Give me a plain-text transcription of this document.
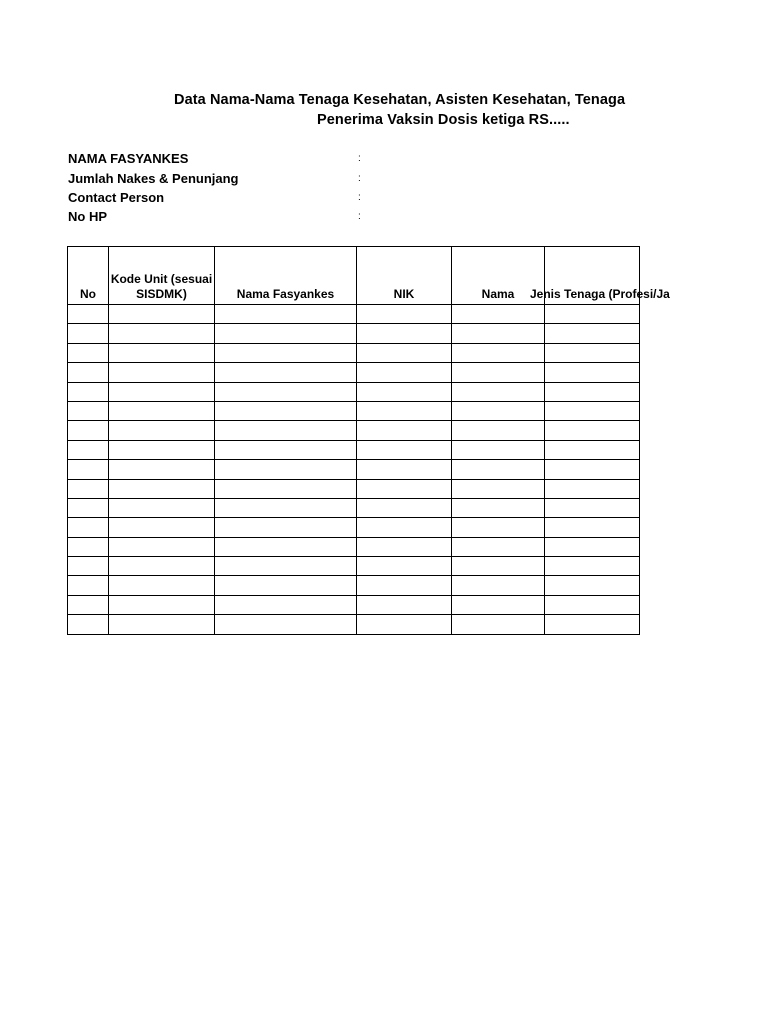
Data Nama-Nama Tenaga Kesehatan, Asisten Kesehatan, Tenaga
Penerima Vaksin Dosis ketiga RS.....
NAMA FASYANKES	:
Jumlah Nakes & Penunjang	:
Contact Person	:
No HP	:
No	Kode Unit (sesuai SISDMK)	Nama Fasyankes	NIK	Nama	Jenis Tenaga (Profesi/Ja
